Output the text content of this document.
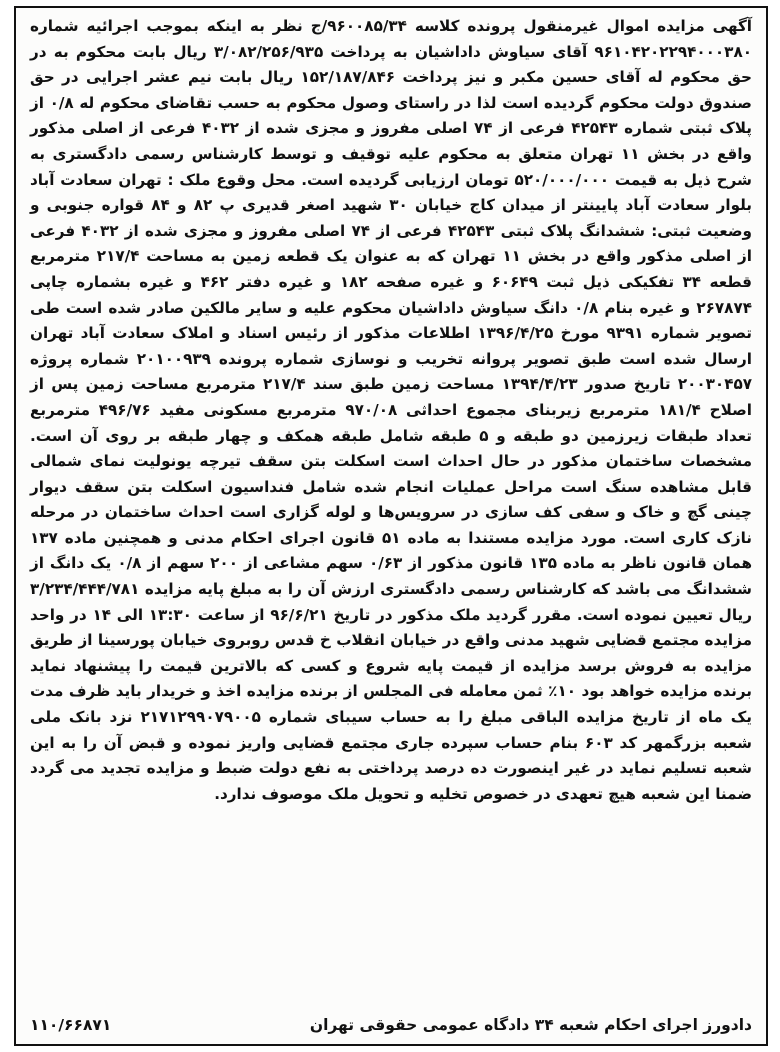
آگهی مزایده اموال غیرمنقول پرونده کلاسه ۹۶۰۰۸۵/۳۴/ج نظر به اینکه بموجب اجرائیه شماره ۹۶۱۰۴۲۰۲۲۹۴۰۰۰۳۸۰ آقای سیاوش داداشیان به پرداخت ۳/۰۸۲/۲۵۶/۹۳۵ ریال بابت محکوم به در حق محکوم له آقای حسین مکبر و نیز پرداخت ۱۵۲/۱۸۷/۸۴۶ ریال بابت نیم عشر اجرایی در حق صندوق دولت محکوم گردیده است لذا در راستای وصول محکوم به حسب تقاضای محکوم له ۰/۸ از پلاک ثبتی شماره ۴۲۵۴۳ فرعی از ۷۴ اصلی مفروز و مجزی شده از ۴۰۳۲ فرعی از اصلی مذکور واقع در بخش ۱۱ تهران متعلق به محکوم علیه توقیف و توسط کارشناس رسمی دادگستری به شرح ذیل به قیمت ۵۲۰/۰۰۰/۰۰۰ تومان ارزیابی گردیده است. محل وقوع ملک : تهران سعادت آباد بلوار سعادت آباد پایینتر از میدان کاج خیابان ۳۰ شهید اصغر قدیری پ ۸۲ و ۸۴ قواره جنوبی و وضعیت ثبتی: ششدانگ پلاک ثبتی ۴۲۵۴۳ فرعی از ۷۴ اصلی مفروز و مجزی شده از ۴۰۳۲ فرعی از اصلی مذکور واقع در بخش ۱۱ تهران که به عنوان یک قطعه زمین به مساحت ۲۱۷/۴ مترمربع قطعه ۳۴ تفکیکی ذیل ثبت ۶۰۶۴۹ و غیره صفحه ۱۸۲ و غیره دفتر ۴۶۲ و غیره بشماره چاپی ۲۶۷۸۷۴ و غیره بنام ۰/۸ دانگ سیاوش داداشیان محکوم علیه و سایر مالکین صادر شده است طی تصویر شماره ۹۳۹۱ مورخ ۱۳۹۶/۴/۲۵ اطلاعات مذکور از رئیس اسناد و املاک سعادت آباد تهران ارسال شده است طبق تصویر پروانه تخریب و نوسازی شماره پرونده ۲۰۱۰۰۹۳۹ شماره پروژه ۲۰۰۳۰۴۵۷ تاریخ صدور ۱۳۹۴/۴/۲۳ مساحت زمین طبق سند ۲۱۷/۴ مترمربع مساحت زمین پس از اصلاح ۱۸۱/۴ مترمربع زیربنای مجموع احداثی ۹۷۰/۰۸ مترمربع مسکونی مفید ۴۹۶/۷۶ مترمربع تعداد طبقات زیرزمین دو طبقه و ۵ طبقه شامل طبقه همکف و چهار طبقه بر روی آن است. مشخصات ساختمان مذکور در حال احداث است اسکلت بتن سقف تیرچه یونولیت نمای شمالی قابل مشاهده سنگ است مراحل عملیات انجام شده شامل فنداسیون اسکلت بتن سقف دیوار چینی گچ و خاک و سفی کف سازی در سرویس‌ها و لوله گزاری است احداث ساختمان در مرحله نازک کاری است. مورد مزایده مستندا به ماده ۵۱ قانون اجرای احکام مدنی و همچنین ماده ۱۳۷ همان قانون ناظر به ماده ۱۳۵ قانون مذکور از ۰/۶۳ سهم مشاعی از ۲۰۰ سهم از ۰/۸ یک دانگ از ششدانگ می باشد که کارشناس رسمی دادگستری ارزش آن را به مبلغ پایه مزایده ۳/۲۳۴/۴۴۴/۷۸۱ ریال تعیین نموده است. مقرر گردید ملک مذکور در تاریخ ۹۶/۶/۲۱ از ساعت ۱۳:۳۰ الی ۱۴ در واحد مزایده مجتمع قضایی شهید مدنی واقع در خیابان انقلاب خ قدس روبروی خیابان پورسینا از طریق مزایده به فروش برسد مزایده از قیمت پایه شروع و کسی که بالاترین قیمت را پیشنهاد نماید برنده مزایده خواهد بود ۱۰٪ ثمن معامله فی المجلس از برنده مزایده اخذ و خریدار باید ظرف مدت یک ماه از تاریخ مزایده الباقی مبلغ را به حساب سیبای شماره ۲۱۷۱۲۹۹۰۷۹۰۰۵ نزد بانک ملی شعبه بزرگمهر کد ۶۰۳ بنام حساب سپرده جاری مجتمع قضایی واریز نموده و قبض آن را به این شعبه تسلیم نماید در غیر اینصورت ده درصد پرداختی به نفع دولت ضبط و مزایده تجدید می گردد ضمنا این شعبه هیچ تعهدی در خصوص تخلیه و تحویل ملک موصوف ندارد.

دادورز اجرای احکام شعبه ۳۴ دادگاه عمومی حقوقی تهران
۱۱۰/۶۶۸۷۱
